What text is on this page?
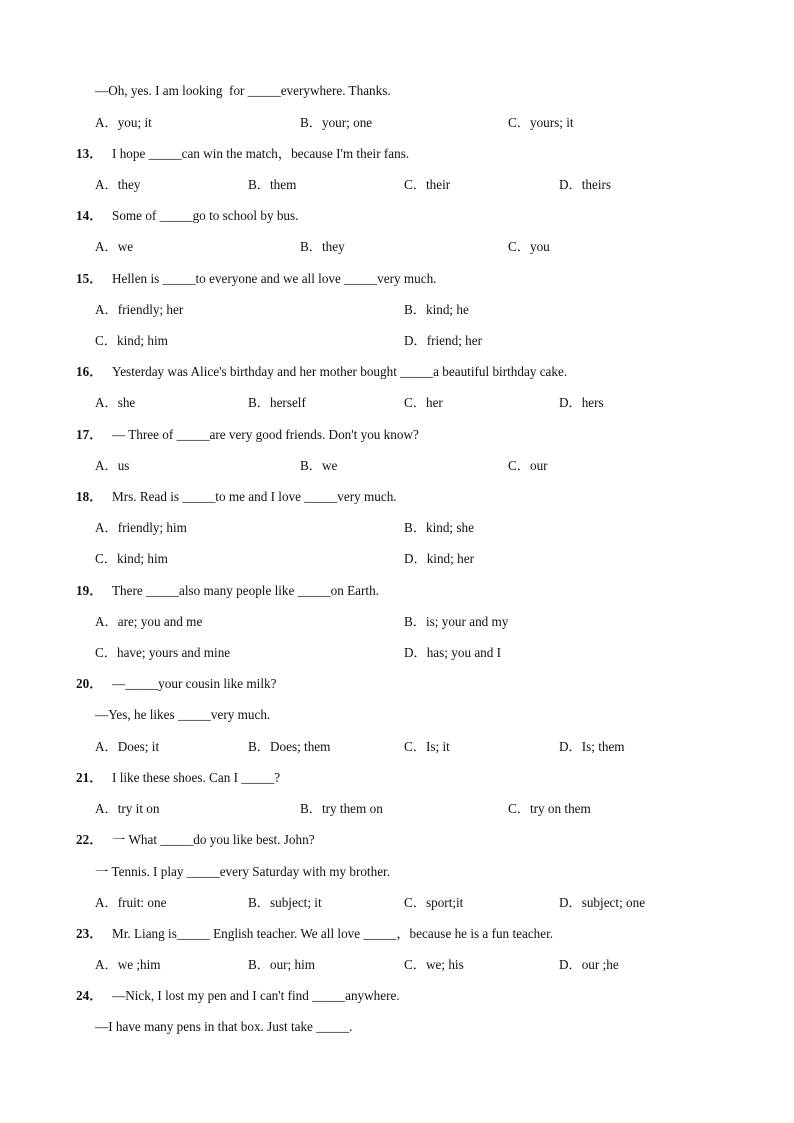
—Oh, yes. I am looking  for _____everywhere. Thanks.
A．you; it	B．your; one	C．yours; it
13． I hope _____can win the match，because I'm their fans.
A．they	B．them	C．their	D．theirs
14． Some of _____go to school by bus.
A．we	B．they	C．you
15． Hellen is _____to everyone and we all love _____very much.
A．friendly; her	B．kind; he
C．kind; him	D．friend; her
16． Yesterday was Alice's birthday and her mother bought _____a beautiful birthday cake.
A．she	B．herself	C．her	D．hers
17． — Three of _____are very good friends. Don't you know?
A．us	B．we	C．our
18． Mrs. Read is _____to me and I love _____very much.
A．friendly; him	B．kind; she
C．kind; him	D．kind; her
19． There _____also many people like _____on Earth.
A．are; you and me	B．is; your and my
C．have; yours and mine	D．has; you and I
20． —_____your cousin like milk?
—Yes, he likes _____very much.
A．Does; it	B．Does; them	C．Is; it	D．Is; them
21． I like these shoes. Can I _____?
A．try it on	B．try them on	C．try on them
22． 一 What _____do you like best. John?
一 Tennis. I play _____every Saturday with my brother.
A．fruit: one	B．subject; it	C．sport;it	D．subject; one
23． Mr. Liang is_____ English teacher. We all love _____，because he is a fun teacher.
A．we ;him	B．our; him	C．we; his	D．our ;he
24． —Nick, I lost my pen and I can't find _____anywhere.
—I have many pens in that box. Just take _____.
